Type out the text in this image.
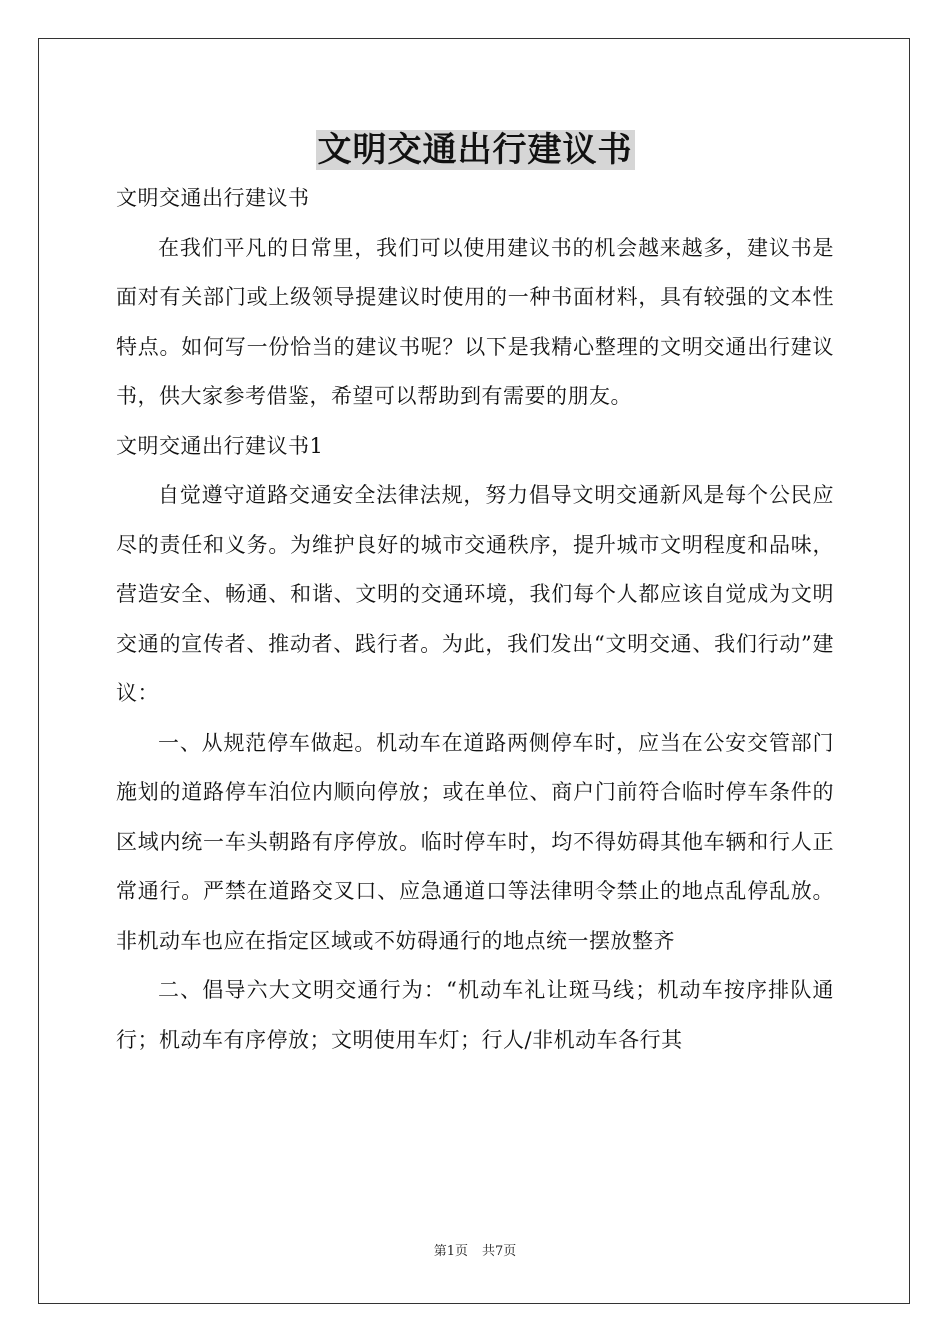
文明交通出行建议书

文明交通出行建议书

在我们平凡的日常里，我们可以使用建议书的机会越来越多，建议书是面对有关部门或上级领导提建议时使用的一种书面材料，具有较强的文本性特点。如何写一份恰当的建议书呢？以下是我精心整理的文明交通出行建议书，供大家参考借鉴，希望可以帮助到有需要的朋友。

文明交通出行建议书1

自觉遵守道路交通安全法律法规，努力倡导文明交通新风是每个公民应尽的责任和义务。为维护良好的城市交通秩序，提升城市文明程度和品味，营造安全、畅通、和谐、文明的交通环境，我们每个人都应该自觉成为文明交通的宣传者、推动者、践行者。为此，我们发出“文明交通、我们行动”建议：

一、从规范停车做起。机动车在道路两侧停车时，应当在公安交管部门施划的道路停车泊位内顺向停放；或在单位、商户门前符合临时停车条件的区域内统一车头朝路有序停放。临时停车时，均不得妨碍其他车辆和行人正常通行。严禁在道路交叉口、应急通道口等法律明令禁止的地点乱停乱放。非机动车也应在指定区域或不妨碍通行的地点统一摆放整齐

二、倡导六大文明交通行为：“机动车礼让斑马线；机动车按序排队通行；机动车有序停放；文明使用车灯；行人/非机动车各行其

第1页 共7页
